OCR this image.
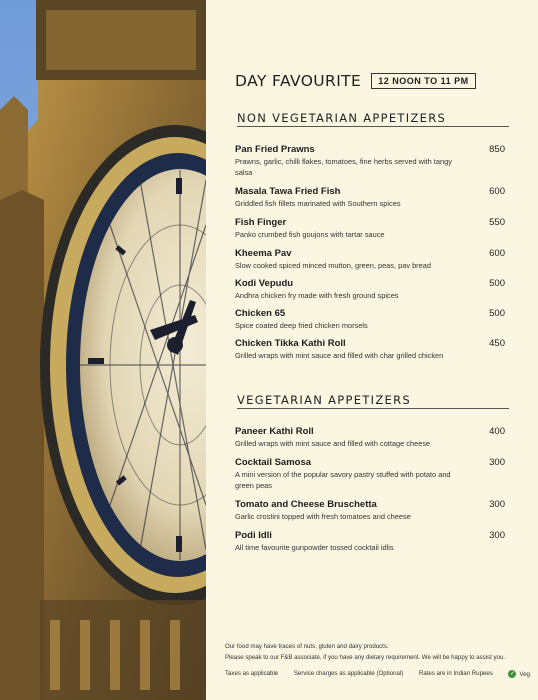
DAY FAVOURITE	12 NOON TO 11 PM
NON VEGETARIAN APPETIZERS
Pan Fried Prawns	850
Prawns, garlic, chilli flakes, tomatoes, fine herbs served with tangy salsa
Masala Tawa Fried Fish	600
Griddled fish fillets marinated with Southern spices
Fish Finger	550
Panko crumbed fish goujons with tartar sauce
Kheema Pav	600
Slow cooked spiced minced mutton, green, peas, pav bread
Kodi Vepudu	500
Andhra chicken fry made with fresh ground spices
Chicken 65	500
Spice coated deep fried chicken morsels
Chicken Tikka Kathi Roll	450
Grilled wraps with mint sauce and filled with char grilled chicken
VEGETARIAN APPETIZERS
Paneer Kathi Roll	400
Grilled wraps with mint sauce and filled with cottage cheese
Cocktail Samosa	300
A mini version of the popular savory pastry stuffed with potato and green peas
Tomato and Cheese Bruschetta	300
Garlic crostini topped with fresh tomatoes and cheese
Podi Idli	300
All time favourite gunpowder tossed cocktail idlis
Our food may have traces of nuts, gluten and dairy products.
Please speak to our F&B associate, if you have any dietary requirement. We will be happy to assist you.
Taxes as applicable	Service charges as applicable (Optional)	Rates are in Indian Rupees	✓ Veg
